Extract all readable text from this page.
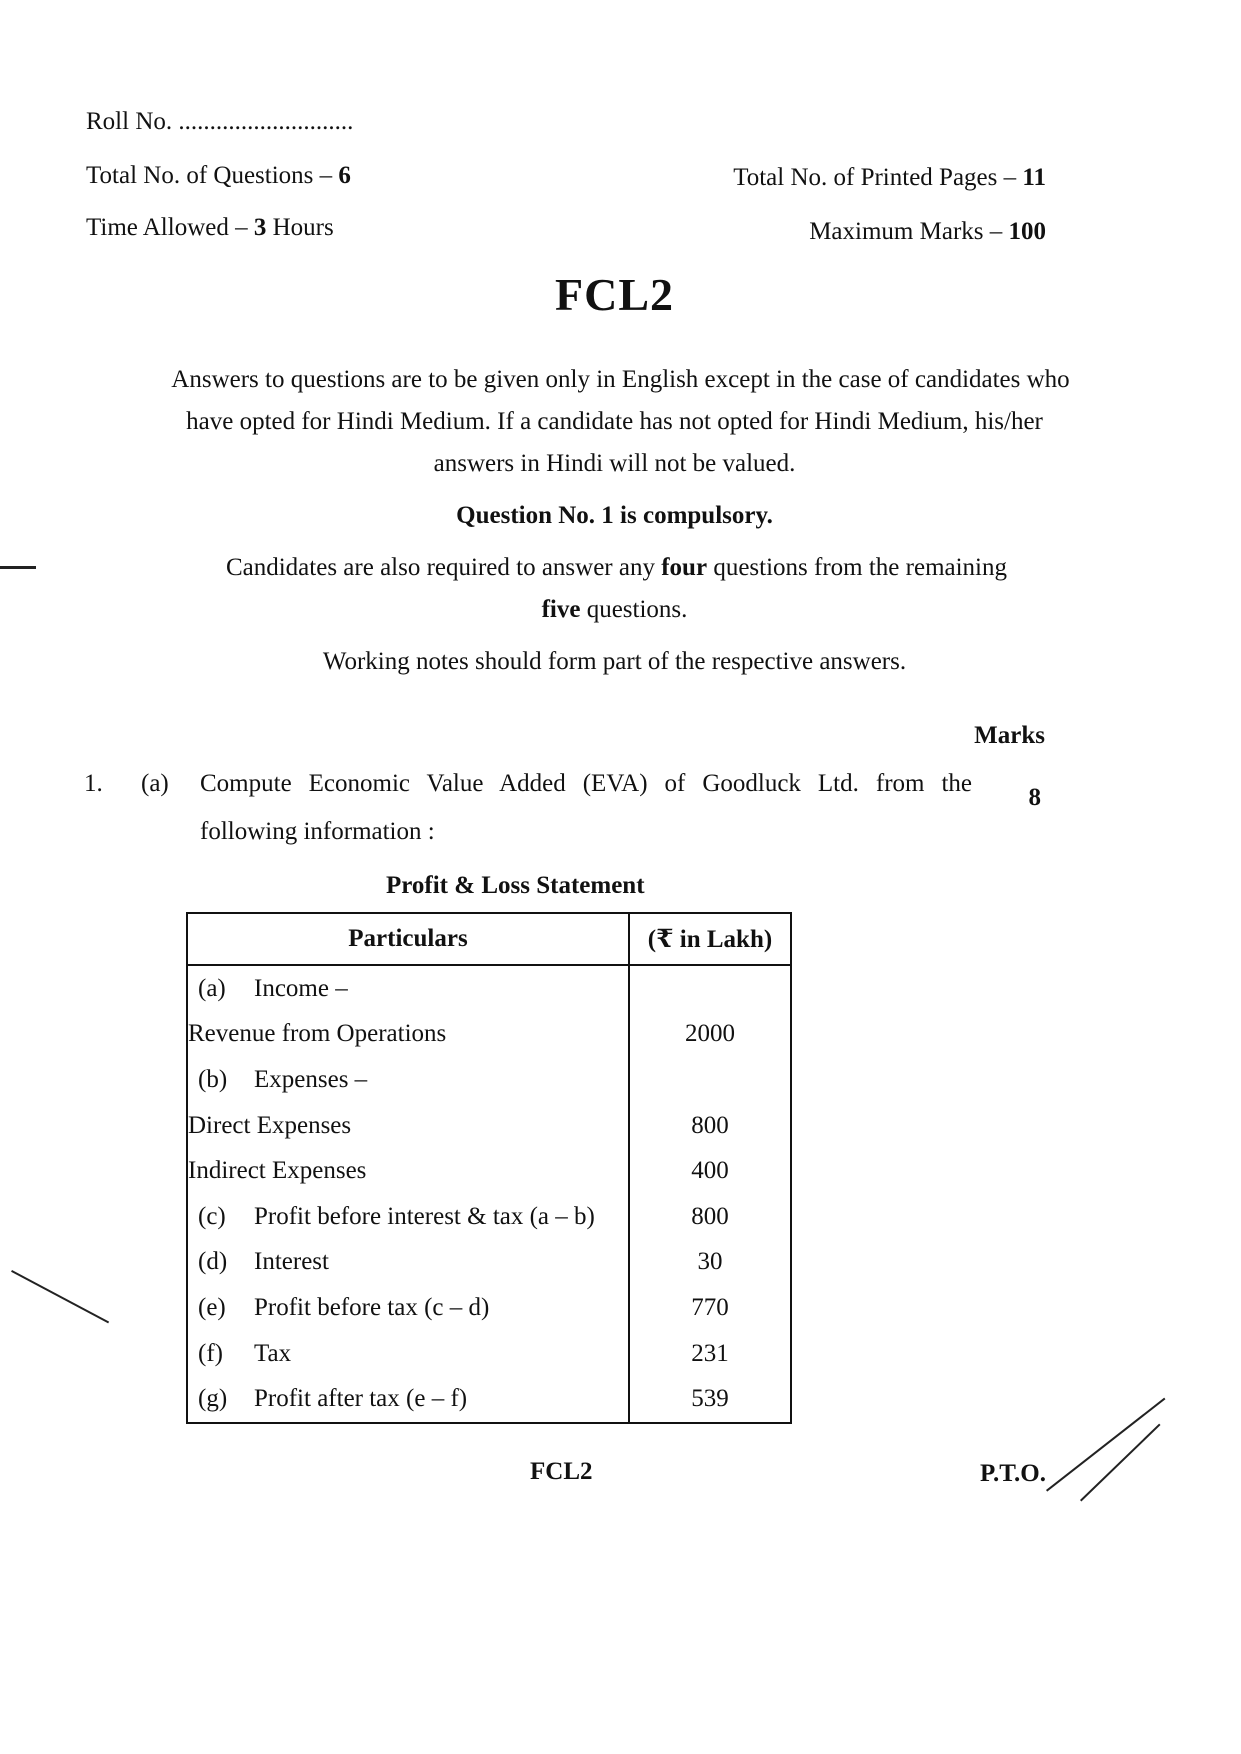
Roll No. ............................
Total No. of Questions – 6	Total No. of Printed Pages – 11
Time Allowed – 3 Hours	Maximum Marks – 100
FCL2
Answers to questions are to be given only in English except in the case of candidates who
have opted for Hindi Medium. If a candidate has not opted for Hindi Medium, his/her
answers in Hindi will not be valued.
Question No. 1 is compulsory.
Candidates are also required to answer any four questions from the remaining
five questions.
Working notes should form part of the respective answers.
Marks
1. (a) Compute Economic Value Added (EVA) of Goodluck Ltd. from the
following information :
8
Profit & Loss Statement
Particulars	(₹ in Lakh)
(a) Income –	
Revenue from Operations	2000
(b) Expenses –	
Direct Expenses	800
Indirect Expenses	400
(c) Profit before interest & tax (a – b)	800
(d) Interest	30
(e) Profit before tax (c – d)	770
(f) Tax	231
(g) Profit after tax (e – f)	539
FCL2	P.T.O.
